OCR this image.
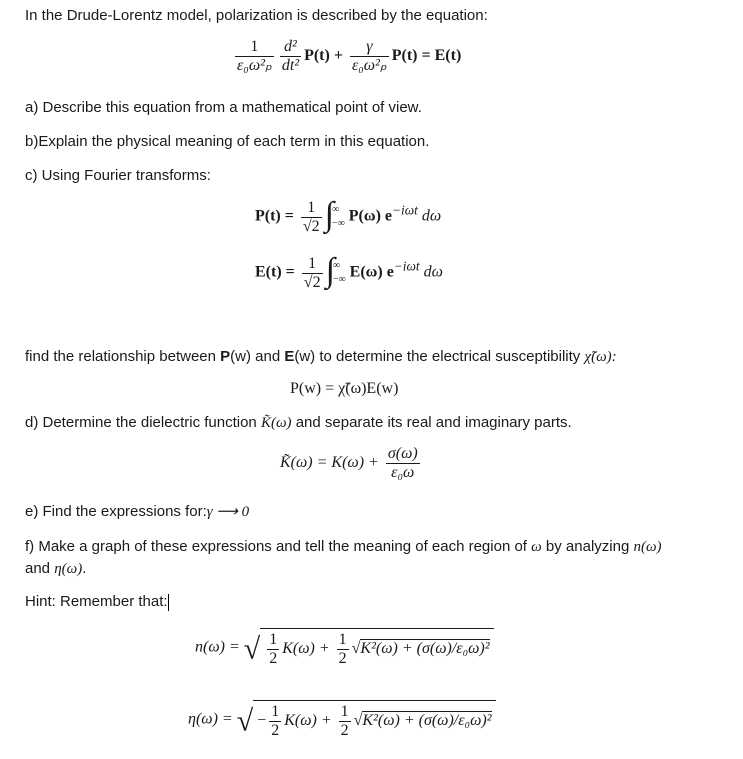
In the Drude-Lorentz model, polarization is described by the equation:
$\frac{1}{\text{ε₀ω²ₚ}} \frac{\text{d²}}{\text{dt²}} P(t) + \frac{\gamma}{\text{ε₀ω²ₚ}} P(t) = E(t)$
a) Describe this equation from a mathematical point of view.
b)Explain the physical meaning of each term in this equation.
c) Using Fourier transforms:
$P(t) = \frac{1}{√2}$ ∫
∞
−∞ P(ω) $e^{-i\omega t}$ dω
$E(t) = \frac{1}{√2}$ ∫
∞
−∞ E(ω) $e^{-i\omega t}$ dω
find the relationship between P(w) and E(w) to determine the electrical susceptibility χ̃(ω):
P(w) = χ̃(ω)E(w)
d) Determine the dielectric function K̃(ω) and separate its real and imaginary parts.
K̃(ω) = $K(\omega) + \frac{\sigma(\omega)}{\text{ε₀ω}}$
e) Find the expressions for:γ ⟶ 0
f) Make a graph of these expressions and tell the meaning of each region of ω by analyzing n(ω)
and η(ω).
Hint: Remember that:
n(ω) = √ $\frac{1}{2} K(\omega) + \frac{1}{2} √K^2(\omega) + (\sigma(\omega)/\varepsilon_0\omega)^2$
η(ω) = √ − $\frac{1}{2} K(\omega) + \frac{1}{2} √K^2(\omega) + (\sigma(\omega)/\varepsilon_0\omega)^2$
